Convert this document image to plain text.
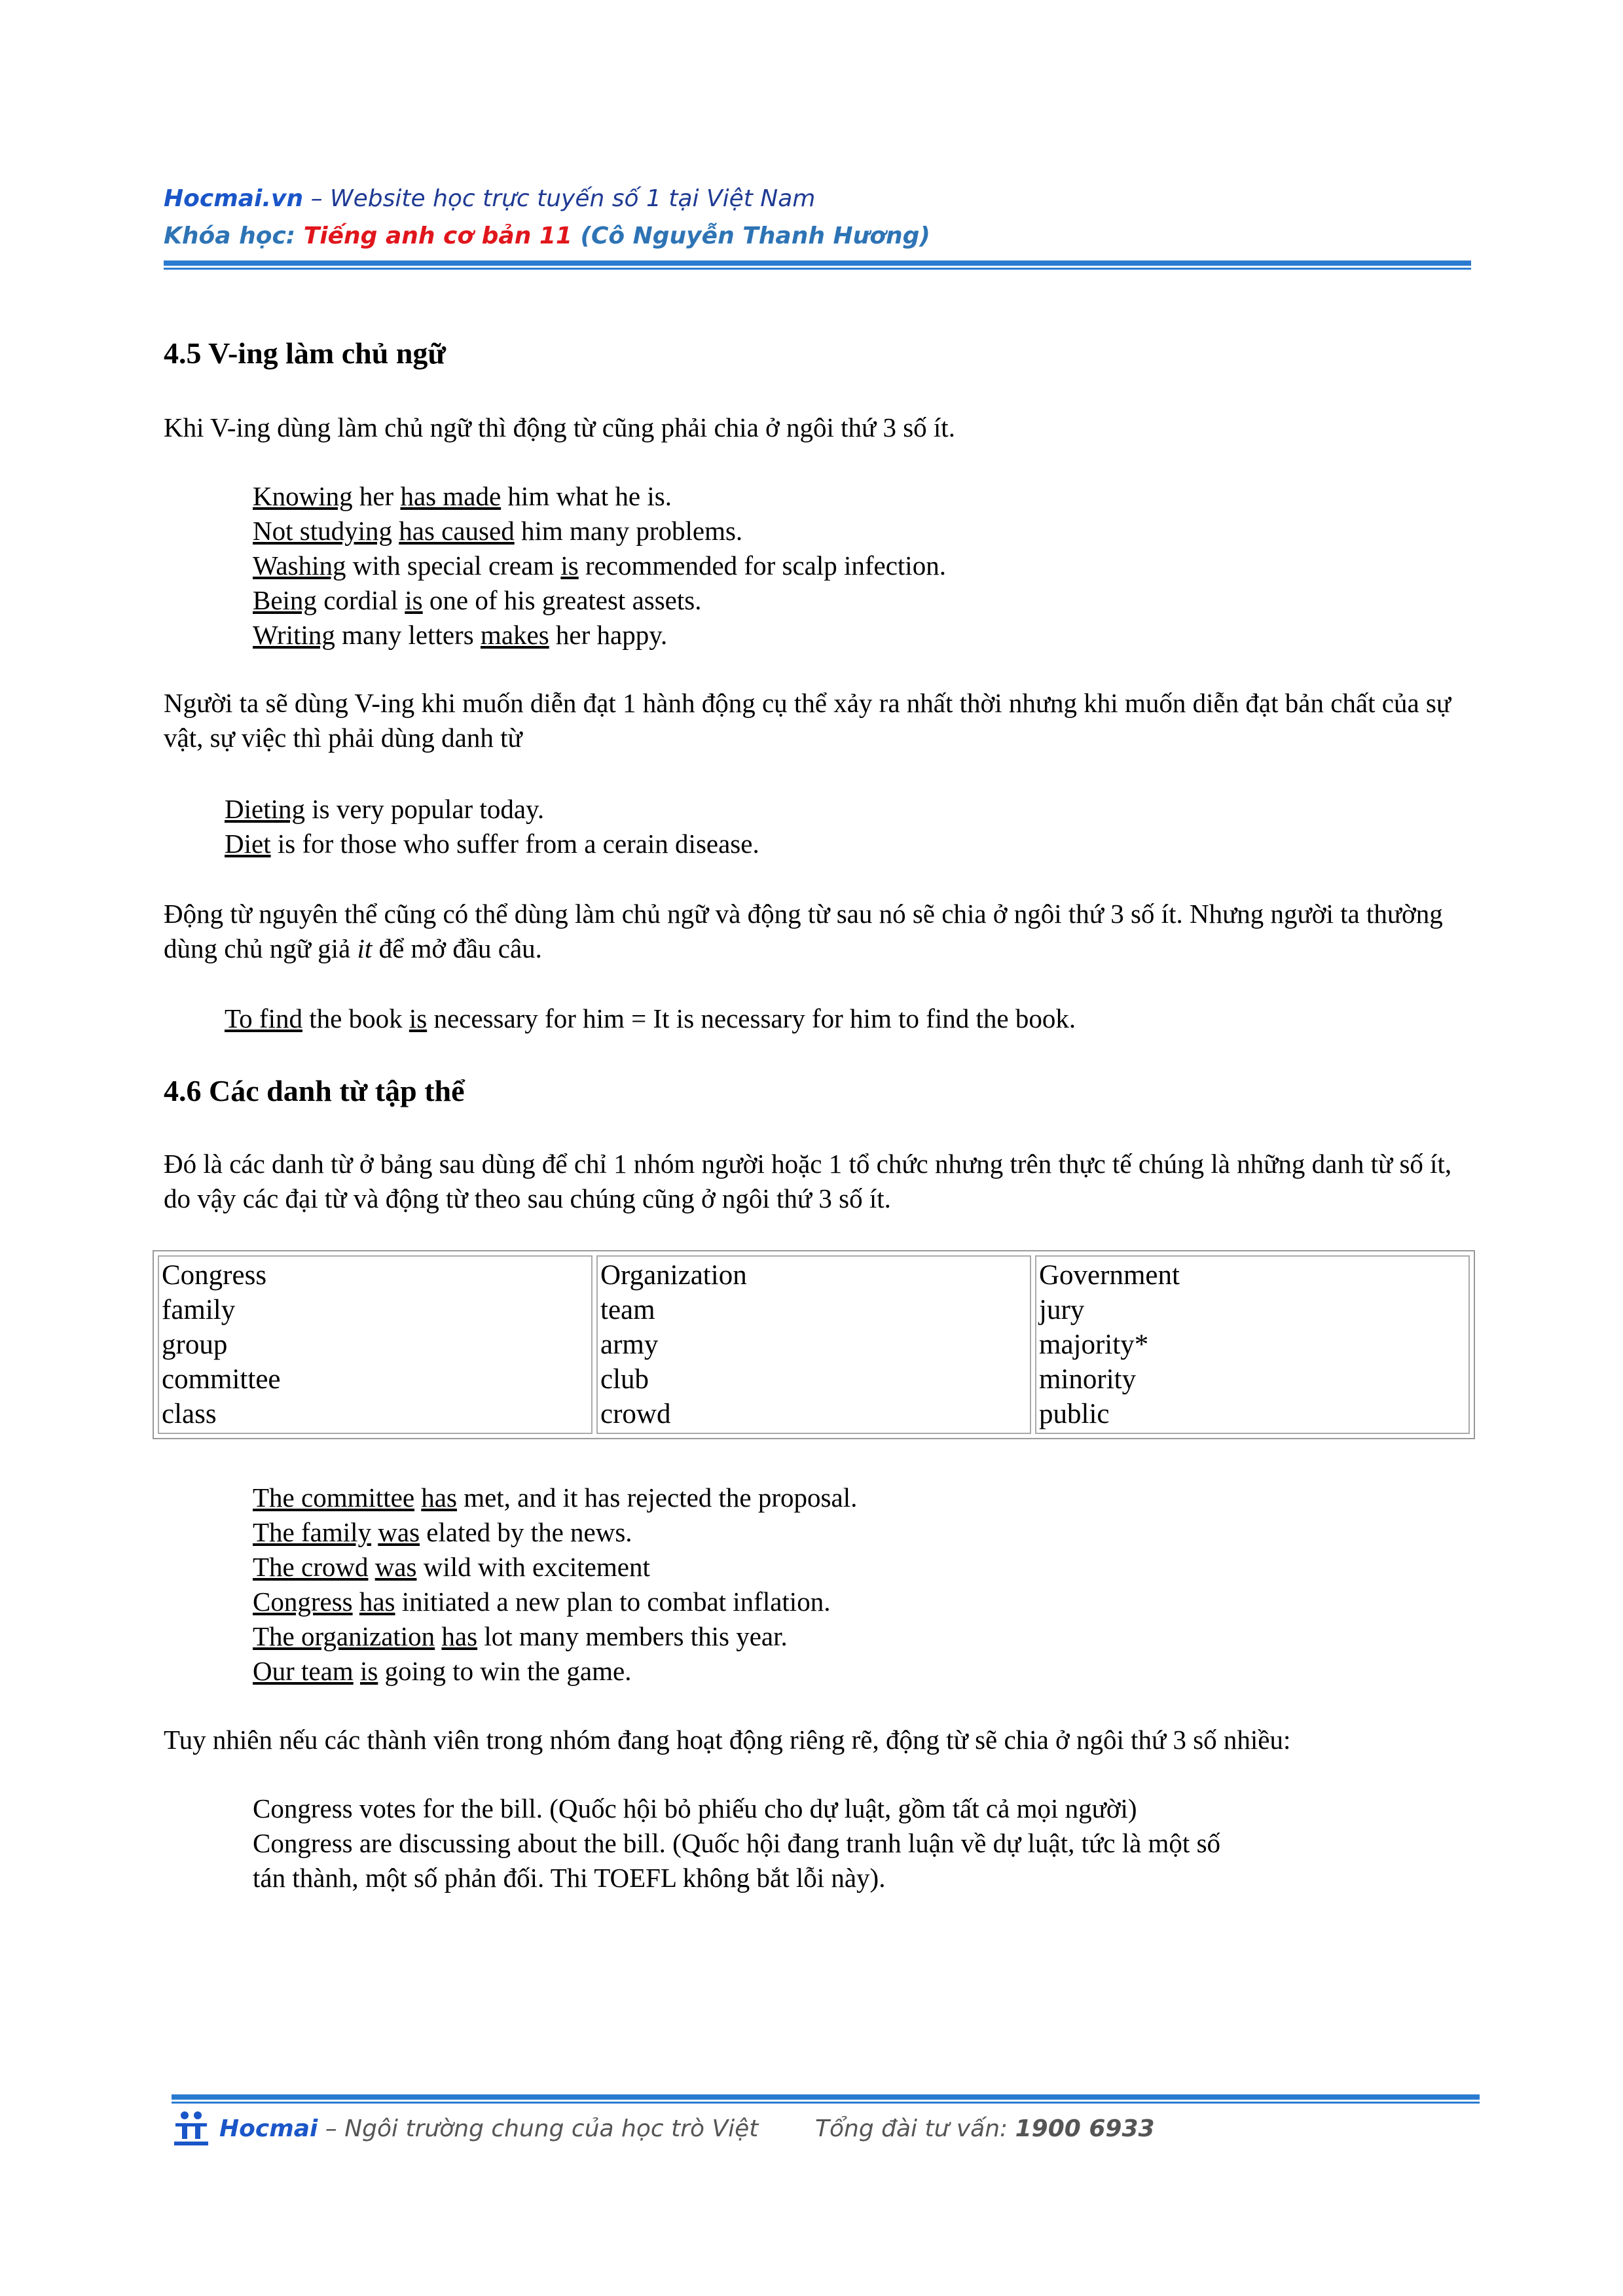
Hocmai.vn – Website học trực tuyến số 1 tại Việt Nam
Khóa học: Tiếng anh cơ bản 11 (Cô Nguyễn Thanh Hương)
4.5 V-ing làm chủ ngữ

Khi V-ing dùng làm chủ ngữ thì động từ cũng phải chia ở ngôi thứ 3 số ít.

Knowing her has made him what he is.
Not studying has caused him many problems.
Washing with special cream is recommended for scalp infection.
Being cordial is one of his greatest assets.
Writing many letters makes her happy.

Người ta sẽ dùng V-ing khi muốn diễn đạt 1 hành động cụ thể xảy ra nhất thời nhưng khi muốn diễn đạt bản chất của sự vật, sự việc thì phải dùng danh từ

Dieting is very popular today.
Diet is for those who suffer from a cerain disease.

Động từ nguyên thể cũng có thể dùng làm chủ ngữ và động từ sau nó sẽ chia ở ngôi thứ 3 số ít. Nhưng người ta thường dùng chủ ngữ giả it để mở đầu câu.

To find the book is necessary for him = It is necessary for him to find the book.
4.6 Các danh từ tập thể

Đó là các danh từ ở bảng sau dùng để chỉ 1 nhóm người hoặc 1 tổ chức nhưng trên thực tế chúng là những danh từ số ít, do vậy các đại từ và động từ theo sau chúng cũng ở ngôi thứ 3 số ít.

Congress
family
group
committee
class

Organization
team
army
club
crowd

Government
jury
majority*
minority
public
The committee has met, and it has rejected the proposal.
The family was elated by the news.
The crowd was wild with excitement
Congress has initiated a new plan to combat inflation.
The organization has lot many members this year.
Our team is going to win the game.

Tuy nhiên nếu các thành viên trong nhóm đang hoạt động riêng rẽ, động từ sẽ chia ở ngôi thứ 3 số nhiều:

Congress votes for the bill. (Quốc hội bỏ phiếu cho dự luật, gồm tất cả mọi người)
Congress are discussing about the bill. (Quốc hội đang tranh luận về dự luật, tức là một số
tán thành, một số phản đối. Thi TOEFL không bắt lỗi này).
Hocmai – Ngôi trường chung của học trò Việt Tổng đài tư vấn: 1900 6933
